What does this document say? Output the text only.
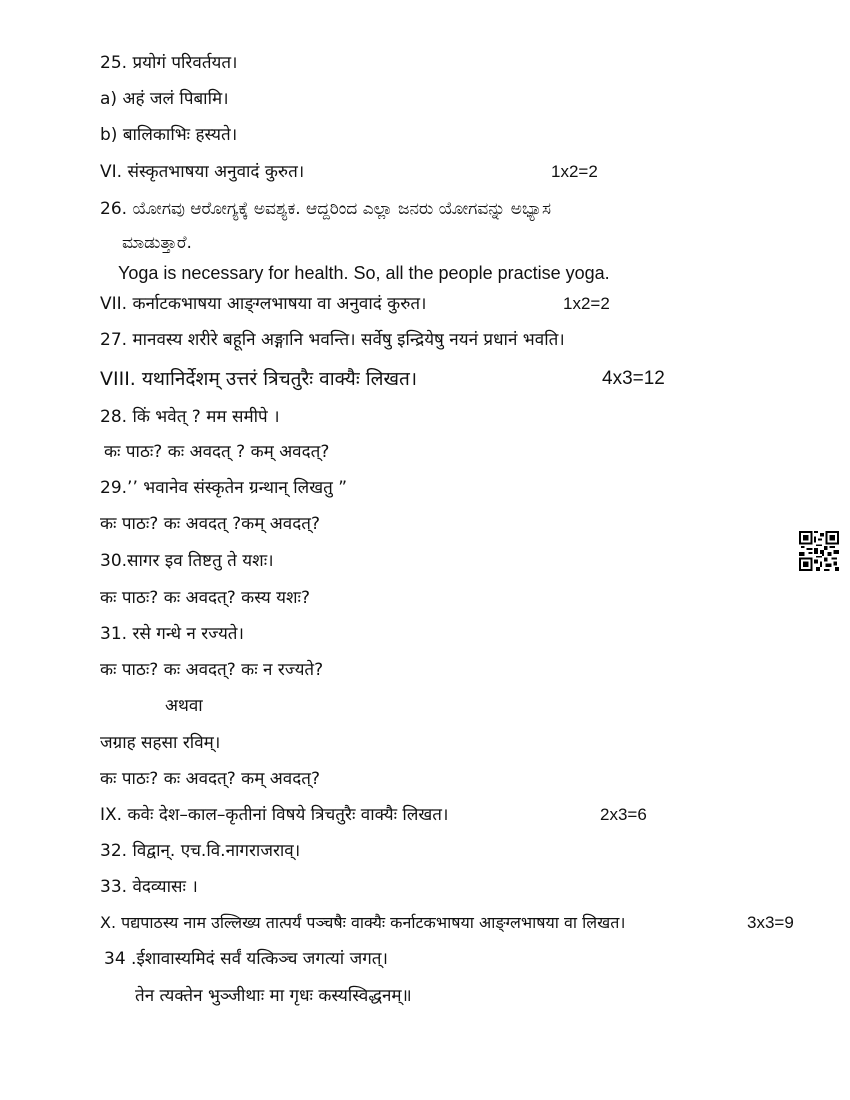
25. प्रयोगं परिवर्तयत।
a) अहं जलं पिबामि।
b) बालिकाभिः हस्यते।
VI. संस्कृतभाषया अनुवादं कुरुत।	1x2=2
26. ಯೋಗವು ಆರೋಗ್ಯಕ್ಕೆ ಅವಶ್ಯಕ. ಆದ್ದರಿಂದ ಎಲ್ಲಾ ಜನರು ಯೋಗವನ್ನು ಅಭ್ಯಾಸ
ಮಾಡುತ್ತಾರೆ.
Yoga is necessary for health. So, all the people practise yoga.
VII. कर्नाटकभाषया आङ्ग्लभाषया वा अनुवादं कुरुत।	1x2=2
27. मानवस्य शरीरे बहूनि अङ्गानि भवन्ति। सर्वेषु इन्द्रियेषु नयनं प्रधानं भवति।
VIII. यथानिर्देशम् उत्तरं त्रिचतुरैः वाक्यैः लिखत।	4x3=12
28. किं भवेत् ? मम समीपे ।
कः पाठः? कः अवदत् ? कम् अवदत्?
29.’’ भवानेव संस्कृतेन ग्रन्थान् लिखतु ”
कः पाठः? कः अवदत् ?कम् अवदत्?
30.सागर इव तिष्टतु ते यशः।
कः पाठः? कः अवदत्? कस्य यशः?
31. रसे गन्धे न रज्यते।
कः पाठः? कः अवदत्? कः न रज्यते?
अथवा
जग्राह सहसा रविम्।
कः पाठः? कः अवदत्? कम् अवदत्?
IX. कवेः देश–काल–कृतीनां विषये त्रिचतुरैः वाक्यैः लिखत।	2x3=6
32. विद्वान्. एच.वि.नागराजराव्।
33. वेदव्यासः ।
X. पद्यपाठस्य नाम उल्लिख्य तात्पर्यं पञ्चषैः वाक्यैः कर्नाटकभाषया आङ्ग्लभाषया वा लिखत।	3x3=9
34 .ईशावास्यमिदं सर्वं यत्किञ्च जगत्यां जगत्।
तेन त्यक्तेन भुञ्जीथाः मा गृधः कस्यस्विद्धनम्॥
